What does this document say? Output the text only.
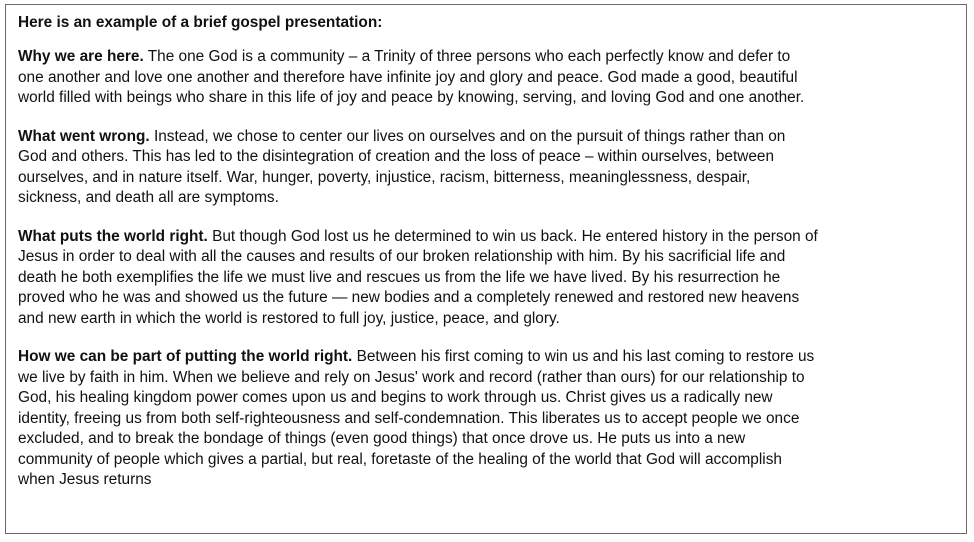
Here is an example of a brief gospel presentation:
Why we are here. The one God is a community – a Trinity of three persons who each perfectly know and defer to
one another and love one another and therefore have infinite joy and glory and peace. God made a good, beautiful
world filled with beings who share in this life of joy and peace by knowing, serving, and loving God and one another.
What went wrong. Instead, we chose to center our lives on ourselves and on the pursuit of things rather than on
God and others. This has led to the disintegration of creation and the loss of peace – within ourselves, between
ourselves, and in nature itself. War, hunger, poverty, injustice, racism, bitterness, meaninglessness, despair,
sickness, and death all are symptoms.
What puts the world right. But though God lost us he determined to win us back. He entered history in the person of
Jesus in order to deal with all the causes and results of our broken relationship with him. By his sacrificial life and
death he both exemplifies the life we must live and rescues us from the life we have lived. By his resurrection he
proved who he was and showed us the future — new bodies and a completely renewed and restored new heavens
and new earth in which the world is restored to full joy, justice, peace, and glory.
How we can be part of putting the world right. Between his first coming to win us and his last coming to restore us
we live by faith in him. When we believe and rely on Jesus' work and record (rather than ours) for our relationship to
God, his healing kingdom power comes upon us and begins to work through us. Christ gives us a radically new
identity, freeing us from both self-righteousness and self-condemnation. This liberates us to accept people we once
excluded, and to break the bondage of things (even good things) that once drove us. He puts us into a new
community of people which gives a partial, but real, foretaste of the healing of the world that God will accomplish
when Jesus returns
